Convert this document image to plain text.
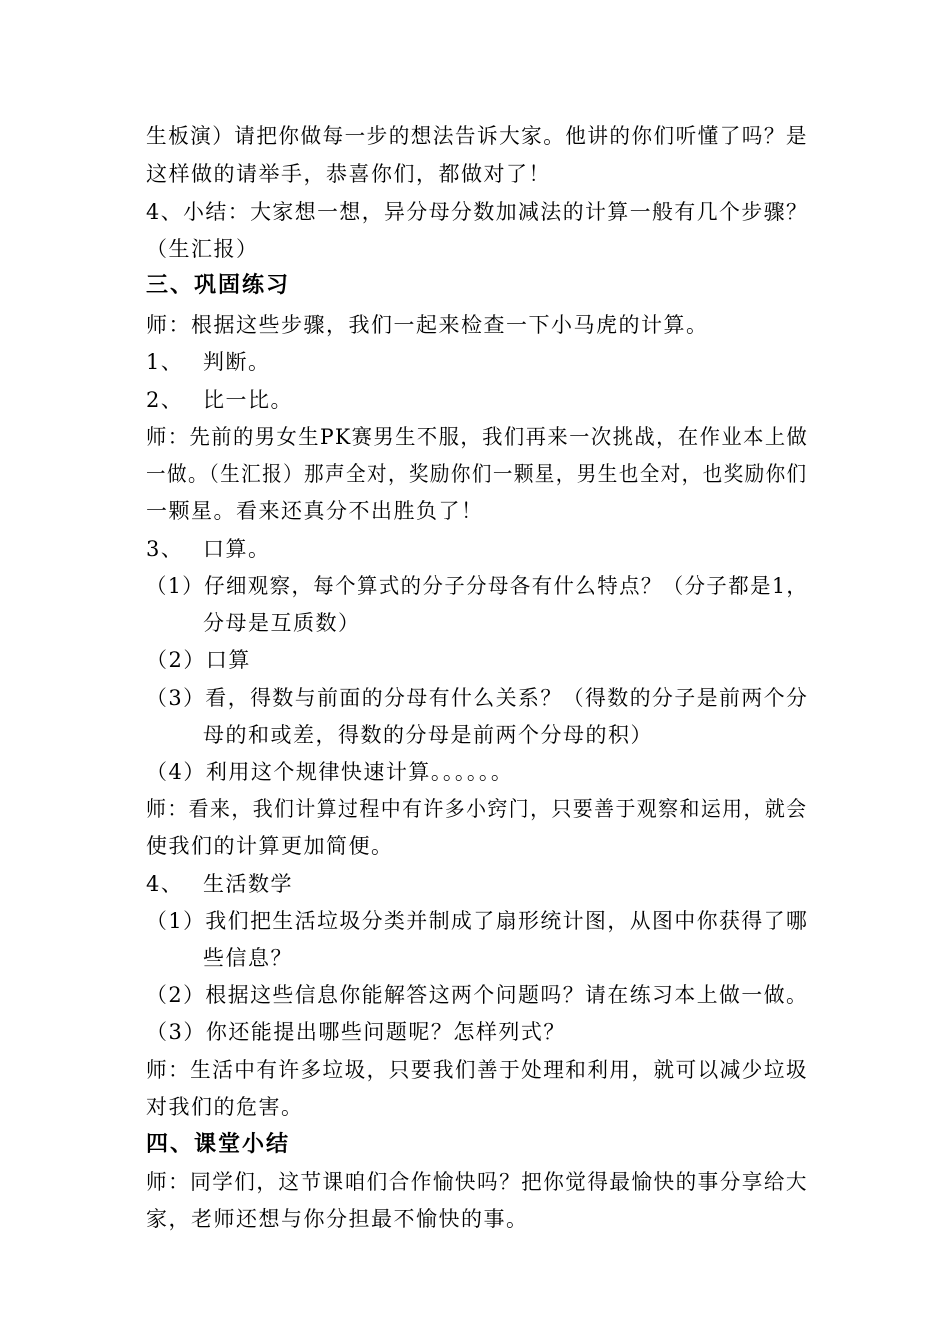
生板演）请把你做每一步的想法告诉大家。他讲的你们听懂了吗？是
这样做的请举手，恭喜你们，都做对了！
4、小结：大家想一想，异分母分数加减法的计算一般有几个步骤？
（生汇报）
三、巩固练习
师：根据这些步骤，我们一起来检查一下小马虎的计算。
1、 判断。
2、 比一比。
师：先前的男女生PK赛男生不服，我们再来一次挑战，在作业本上做
一做。（生汇报）那声全对，奖励你们一颗星，男生也全对，也奖励你们
一颗星。看来还真分不出胜负了！
3、 口算。
（1）仔细观察，每个算式的分子分母各有什么特点？（分子都是1，
分母是互质数）
（2）口算
（3）看，得数与前面的分母有什么关系？（得数的分子是前两个分
母的和或差，得数的分母是前两个分母的积）
（4）利用这个规律快速计算。。。。。。
师：看来，我们计算过程中有许多小窍门，只要善于观察和运用，就会
使我们的计算更加简便。
4、 生活数学
（1）我们把生活垃圾分类并制成了扇形统计图，从图中你获得了哪
些信息？
（2）根据这些信息你能解答这两个问题吗？请在练习本上做一做。
（3）你还能提出哪些问题呢？怎样列式？
师：生活中有许多垃圾，只要我们善于处理和利用，就可以减少垃圾
对我们的危害。
四、课堂小结
师：同学们，这节课咱们合作愉快吗？把你觉得最愉快的事分享给大
家，老师还想与你分担最不愉快的事。
